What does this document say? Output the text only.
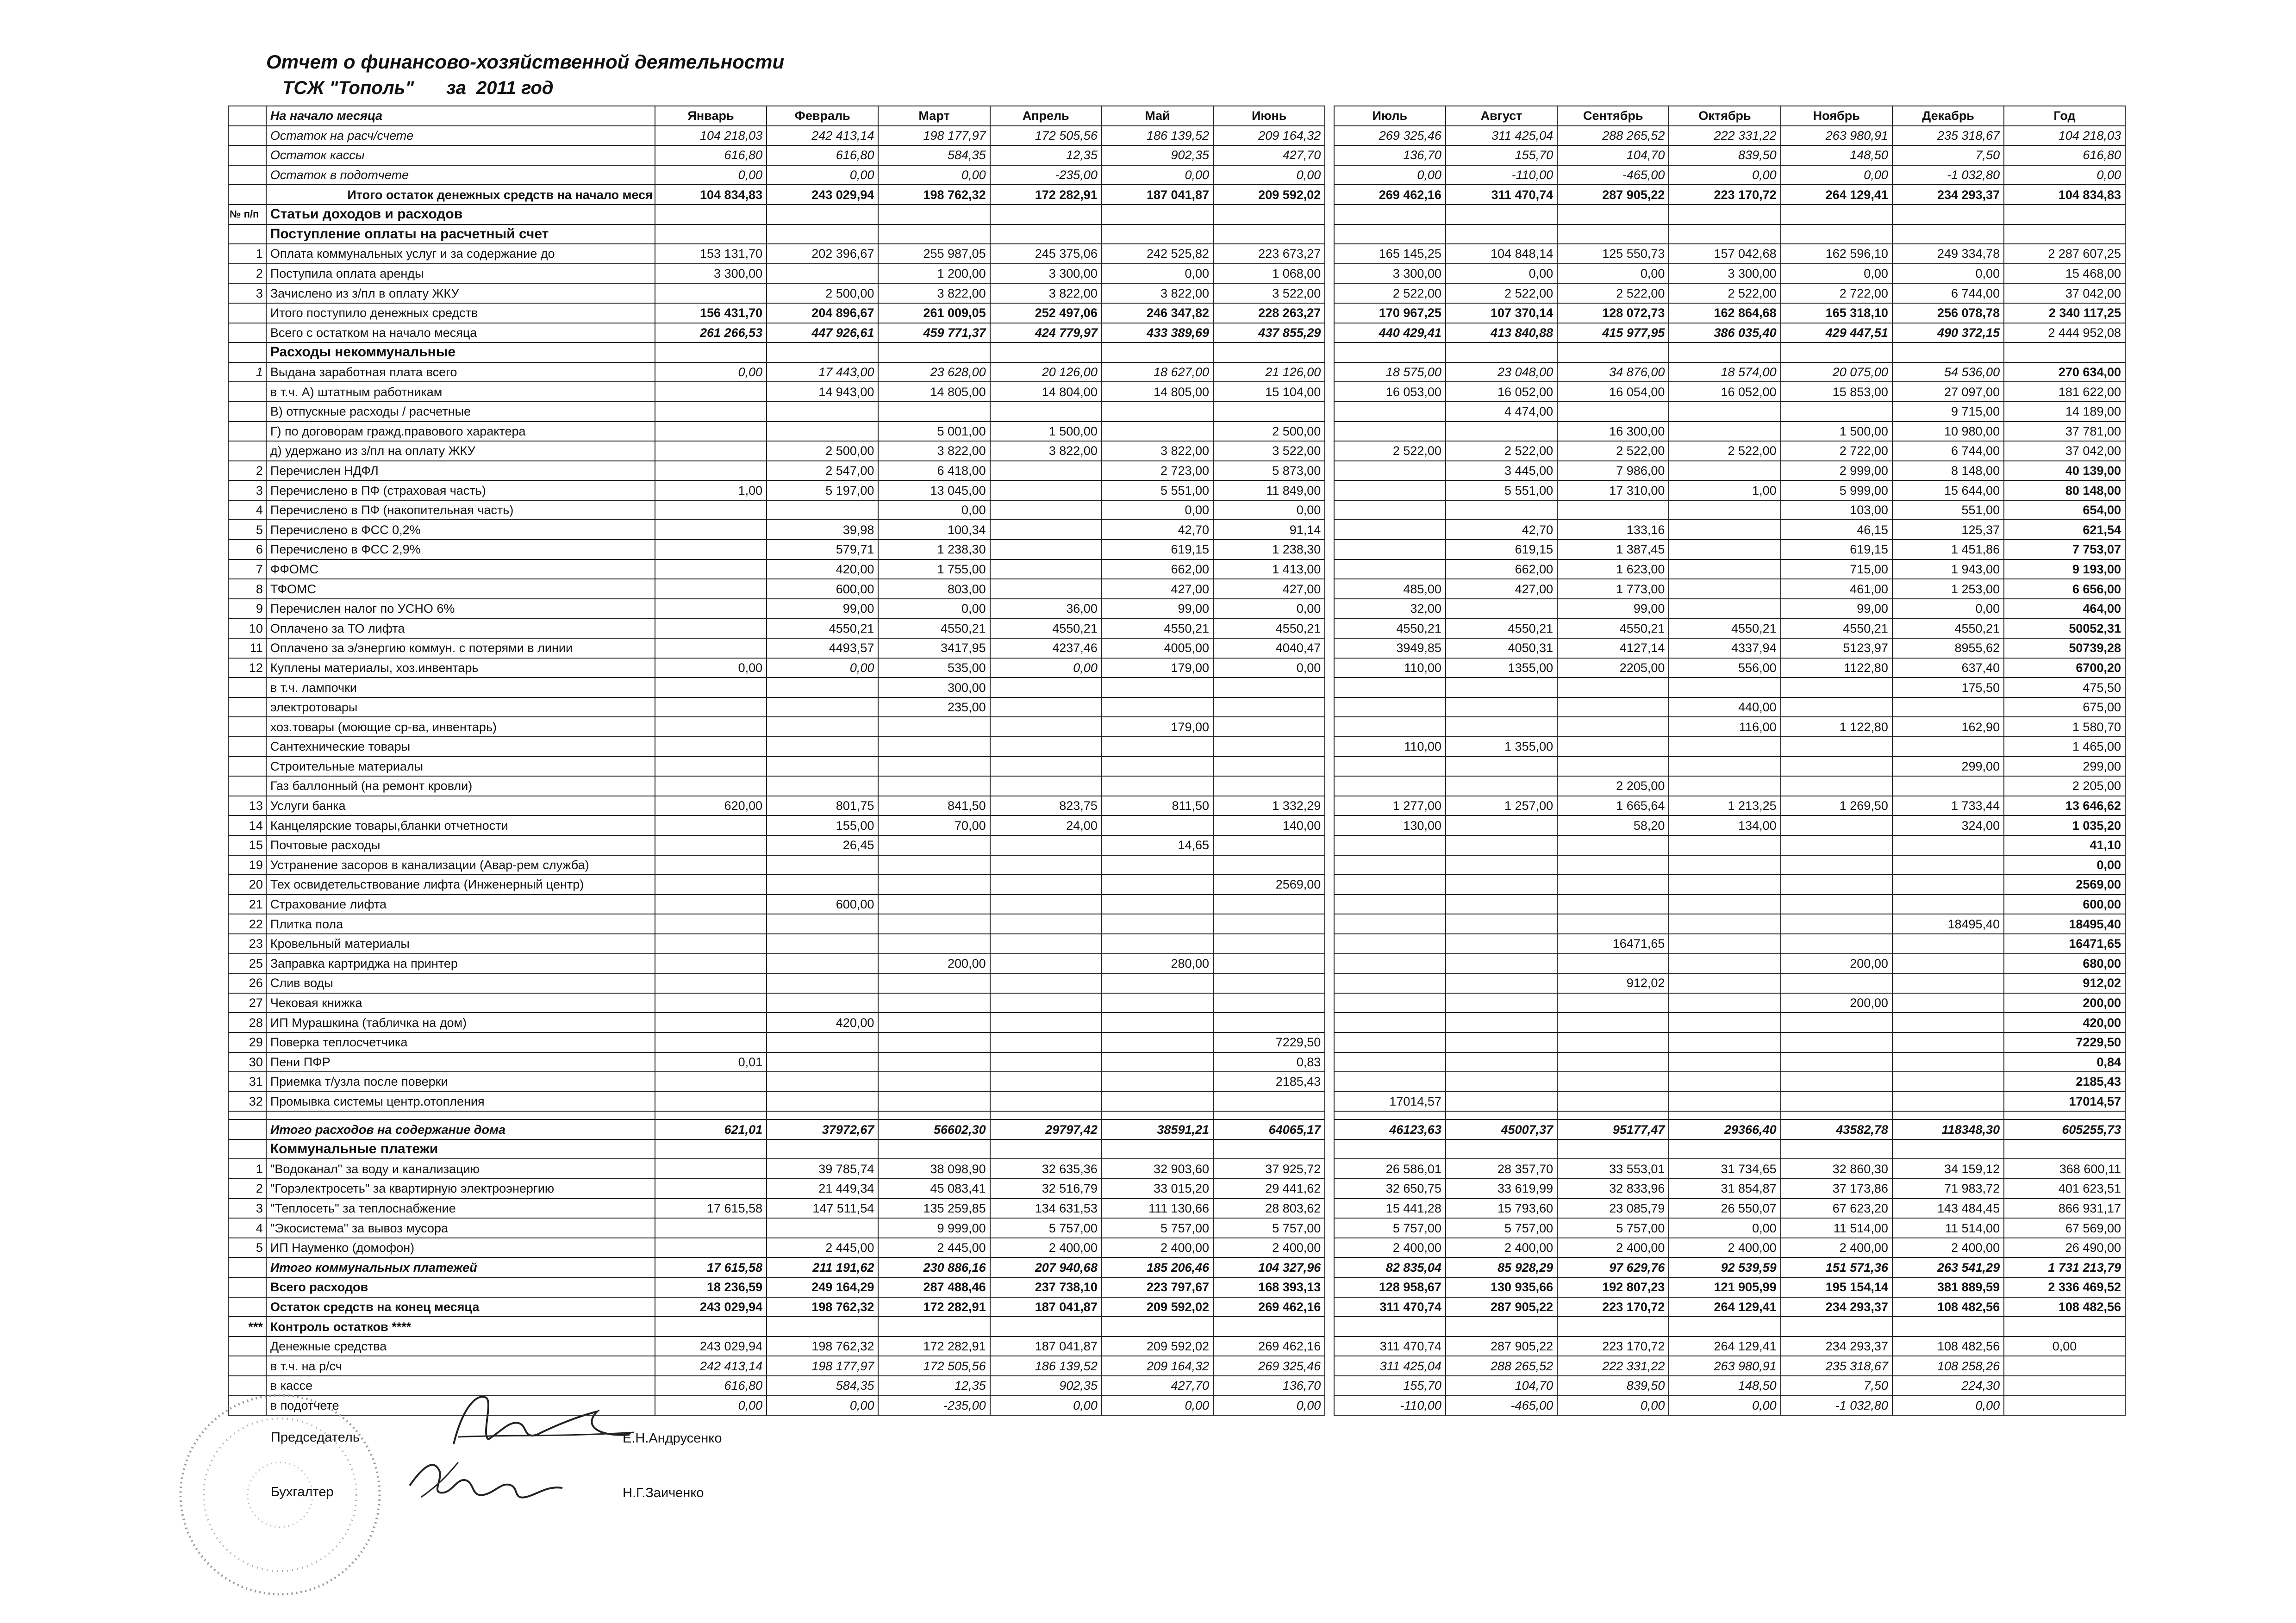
Отчет о финансово-хозяйственной деятельности
ТСЖ "Тополь" за 2011 год
	На начало месяца	Январь	Февраль	Март	Апрель	Май	Июнь		Июль	Август	Сентябрь	Октябрь	Ноябрь	Декабрь	Год
	Остаток на расч/счете	104 218,03	242 413,14	198 177,97	172 505,56	186 139,52	209 164,32		269 325,46	311 425,04	288 265,52	222 331,22	263 980,91	235 318,67	104 218,03
	Остаток кассы	616,80	616,80	584,35	12,35	902,35	427,70		136,70	155,70	104,70	839,50	148,50	7,50	616,80
	Остаток в подотчете	0,00	0,00	0,00	-235,00	0,00	0,00		0,00	-110,00	-465,00	0,00	0,00	-1 032,80	0,00
	Итого остаток денежных средств на начало меся	104 834,83	243 029,94	198 762,32	172 282,91	187 041,87	209 592,02		269 462,16	311 470,74	287 905,22	223 170,72	264 129,41	234 293,37	104 834,83
№ п/п	Статьи доходов и расходов														
	Поступление оплаты на расчетный счет														
1	Оплата коммунальных услуг и за содержание до	153 131,70	202 396,67	255 987,05	245 375,06	242 525,82	223 673,27		165 145,25	104 848,14	125 550,73	157 042,68	162 596,10	249 334,78	2 287 607,25
2	Поступила оплата аренды	3 300,00		1 200,00	3 300,00	0,00	1 068,00		3 300,00	0,00	0,00	3 300,00	0,00	0,00	15 468,00
3	Зачислено из з/пл в оплату ЖКУ		2 500,00	3 822,00	3 822,00	3 822,00	3 522,00		2 522,00	2 522,00	2 522,00	2 522,00	2 722,00	6 744,00	37 042,00
	Итого поступило денежных средств	156 431,70	204 896,67	261 009,05	252 497,06	246 347,82	228 263,27		170 967,25	107 370,14	128 072,73	162 864,68	165 318,10	256 078,78	2 340 117,25
	Всего с остатком на начало месяца	261 266,53	447 926,61	459 771,37	424 779,97	433 389,69	437 855,29		440 429,41	413 840,88	415 977,95	386 035,40	429 447,51	490 372,15	2 444 952,08
	Расходы некоммунальные														
1	Выдана заработная плата всего	0,00	17 443,00	23 628,00	20 126,00	18 627,00	21 126,00		18 575,00	23 048,00	34 876,00	18 574,00	20 075,00	54 536,00	270 634,00
	в т.ч. А) штатным работникам		14 943,00	14 805,00	14 804,00	14 805,00	15 104,00		16 053,00	16 052,00	16 054,00	16 052,00	15 853,00	27 097,00	181 622,00
	В) отпускные расходы / расчетные									4 474,00				9 715,00	14 189,00
	Г) по договорам гражд.правового характера			5 001,00	1 500,00		2 500,00				16 300,00		1 500,00	10 980,00	37 781,00
	д) удержано из з/пл на оплату ЖКУ		2 500,00	3 822,00	3 822,00	3 822,00	3 522,00		2 522,00	2 522,00	2 522,00	2 522,00	2 722,00	6 744,00	37 042,00
2	Перечислен НДФЛ		2 547,00	6 418,00		2 723,00	5 873,00			3 445,00	7 986,00		2 999,00	8 148,00	40 139,00
3	Перечислено в ПФ (страховая часть)	1,00	5 197,00	13 045,00		5 551,00	11 849,00			5 551,00	17 310,00	1,00	5 999,00	15 644,00	80 148,00
4	Перечислено в ПФ (накопительная часть)			0,00		0,00	0,00						103,00	551,00	654,00
5	Перечислено в ФСС 0,2%		39,98	100,34		42,70	91,14			42,70	133,16		46,15	125,37	621,54
6	Перечислено в ФСС 2,9%		579,71	1 238,30		619,15	1 238,30			619,15	1 387,45		619,15	1 451,86	7 753,07
7	ФФОМС		420,00	1 755,00		662,00	1 413,00			662,00	1 623,00		715,00	1 943,00	9 193,00
8	ТФОМС		600,00	803,00		427,00	427,00		485,00	427,00	1 773,00		461,00	1 253,00	6 656,00
9	Перечислен налог по УСНО 6%		99,00	0,00	36,00	99,00	0,00		32,00		99,00		99,00	0,00	464,00
10	Оплачено за ТО лифта		4550,21	4550,21	4550,21	4550,21	4550,21		4550,21	4550,21	4550,21	4550,21	4550,21	4550,21	50052,31
11	Оплачено за э/энергию коммун. с потерями в линии		4493,57	3417,95	4237,46	4005,00	4040,47		3949,85	4050,31	4127,14	4337,94	5123,97	8955,62	50739,28
12	Куплены материалы, хоз.инвентарь	0,00	0,00	535,00	0,00	179,00	0,00		110,00	1355,00	2205,00	556,00	1122,80	637,40	6700,20
	в т.ч. лампочки			300,00										175,50	475,50
	электротовары			235,00								440,00			675,00
	хоз.товары (моющие ср-ва, инвентарь)					179,00						116,00	1 122,80	162,90	1 580,70
	Сантехнические товары								110,00	1 355,00					1 465,00
	Строительные материалы													299,00	299,00
	Газ баллонный (на ремонт кровли)										2 205,00				2 205,00
13	Услуги банка	620,00	801,75	841,50	823,75	811,50	1 332,29		1 277,00	1 257,00	1 665,64	1 213,25	1 269,50	1 733,44	13 646,62
14	Канцелярские товары,бланки отчетности		155,00	70,00	24,00		140,00		130,00		58,20	134,00		324,00	1 035,20
15	Почтовые расходы		26,45			14,65									41,10
19	Устранение засоров в канализации (Авар-рем служба)														0,00
20	Тех освидетельствование лифта (Инженерный центр)						2569,00								2569,00
21	Страхование лифта		600,00												600,00
22	Плитка пола													18495,40	18495,40
23	Кровельный материалы										16471,65				16471,65
25	Заправка картриджа на принтер			200,00		280,00							200,00		680,00
26	Слив воды										912,02				912,02
27	Чековая книжка												200,00		200,00
28	ИП Мурашкина (табличка на дом)		420,00												420,00
29	Поверка теплосчетчика						7229,50								7229,50
30	Пени ПФР	0,01					0,83								0,84
31	Приемка т/узла после поверки						2185,43								2185,43
32	Промывка системы центр.отопления								17014,57						17014,57

	Итого расходов на содержание дома	621,01	37972,67	56602,30	29797,42	38591,21	64065,17		46123,63	45007,37	95177,47	29366,40	43582,78	118348,30	605255,73
	Коммунальные платежи														
1	"Водоканал" за воду и канализацию		39 785,74	38 098,90	32 635,36	32 903,60	37 925,72		26 586,01	28 357,70	33 553,01	31 734,65	32 860,30	34 159,12	368 600,11
2	"Горэлектросеть" за квартирную электроэнергию		21 449,34	45 083,41	32 516,79	33 015,20	29 441,62		32 650,75	33 619,99	32 833,96	31 854,87	37 173,86	71 983,72	401 623,51
3	"Теплосеть" за теплоснабжение	17 615,58	147 511,54	135 259,85	134 631,53	111 130,66	28 803,62		15 441,28	15 793,60	23 085,79	26 550,07	67 623,20	143 484,45	866 931,17
4	"Экосистема" за вывоз мусора			9 999,00	5 757,00	5 757,00	5 757,00		5 757,00	5 757,00	5 757,00	0,00	11 514,00	11 514,00	67 569,00
5	ИП Науменко (домофон)		2 445,00	2 445,00	2 400,00	2 400,00	2 400,00		2 400,00	2 400,00	2 400,00	2 400,00	2 400,00	2 400,00	26 490,00
	Итого коммунальных платежей	17 615,58	211 191,62	230 886,16	207 940,68	185 206,46	104 327,96		82 835,04	85 928,29	97 629,76	92 539,59	151 571,36	263 541,29	1 731 213,79
	Всего расходов	18 236,59	249 164,29	287 488,46	237 738,10	223 797,67	168 393,13		128 958,67	130 935,66	192 807,23	121 905,99	195 154,14	381 889,59	2 336 469,52
	Остаток средств на конец месяца	243 029,94	198 762,32	172 282,91	187 041,87	209 592,02	269 462,16		311 470,74	287 905,22	223 170,72	264 129,41	234 293,37	108 482,56	108 482,56
***	Контроль остатков ****														
	Денежные средства	243 029,94	198 762,32	172 282,91	187 041,87	209 592,02	269 462,16		311 470,74	287 905,22	223 170,72	264 129,41	234 293,37	108 482,56	0,00
	в т.ч. на р/сч	242 413,14	198 177,97	172 505,56	186 139,52	209 164,32	269 325,46		311 425,04	288 265,52	222 331,22	263 980,91	235 318,67	108 258,26	
	в кассе	616,80	584,35	12,35	902,35	427,70	136,70		155,70	104,70	839,50	148,50	7,50	224,30	
	в подотчете	0,00	0,00	-235,00	0,00	0,00	0,00		-110,00	-465,00	0,00	0,00	-1 032,80	0,00	
Председатель	Е.Н.Андрусенко
Бухгалтер	Н.Г.Заиченко
